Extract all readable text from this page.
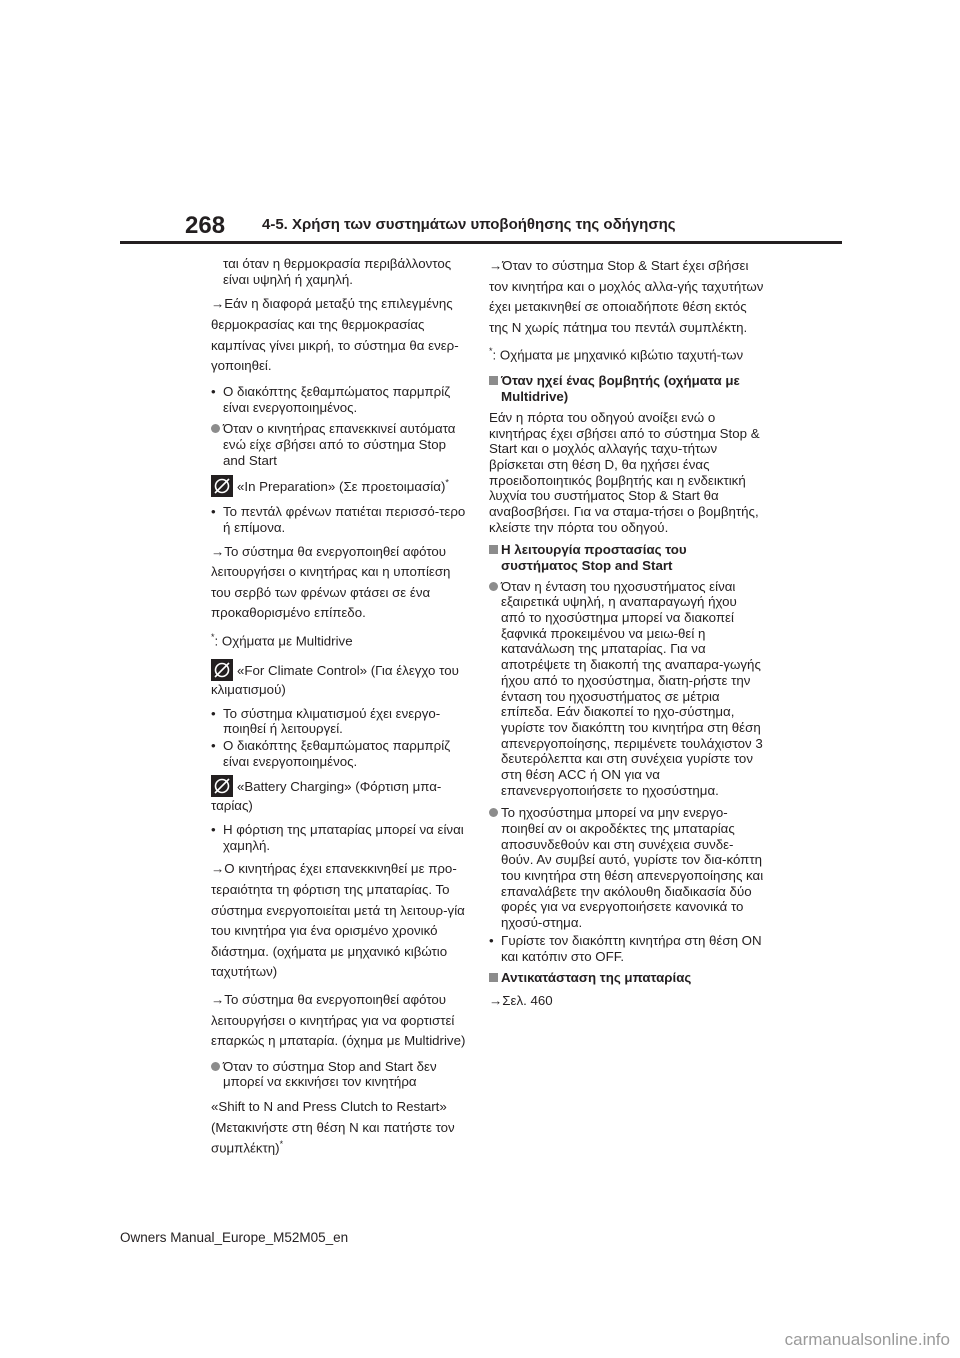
268 4-5. Χρήση των συστημάτων υποβοήθησης της οδήγησης

ται όταν η θερμοκρασία περιβάλλοντος είναι υψηλή ή χαμηλή.

→Εάν η διαφορά μεταξύ της επιλεγμένης θερμοκρασίας και της θερμοκρασίας καμπίνας γίνει μικρή, το σύστημα θα ενερ-γοποιηθεί.

• Ο διακόπτης ξεθαμπώματος παρμπρίζ είναι ενεργοποιημένος.
Όταν ο κινητήρας επανεκκινεί αυτόματα ενώ είχε σβήσει από το σύστημα Stop and Start
«In Preparation» (Σε προετοιμασία)*
• Το πεντάλ φρένων πατιέται περισσό-τερο ή επίμονα.

→Το σύστημα θα ενεργοποιηθεί αφότου λειτουργήσει ο κινητήρας και η υποπίεση του σερβό των φρένων φτάσει σε ένα προκαθορισμένο επίπεδο.

*: Οχήματα με Multidrive

«For Climate Control» (Για έλεγχο του κλιματισμού)
• Το σύστημα κλιματισμού έχει ενεργο-ποιηθεί ή λειτουργεί.
• Ο διακόπτης ξεθαμπώματος παρμπρίζ είναι ενεργοποιημένος.
«Battery Charging» (Φόρτιση μπα-ταρίας)
• Η φόρτιση της μπαταρίας μπορεί να είναι χαμηλή.

→Ο κινητήρας έχει επανεκκινηθεί με προ-τεραιότητα τη φόρτιση της μπαταρίας. Το σύστημα ενεργοποιείται μετά τη λειτουρ-γία του κινητήρα για ένα ορισμένο χρονικό διάστημα. (οχήματα με μηχανικό κιβώτιο ταχυτήτων)

→Το σύστημα θα ενεργοποιηθεί αφότου λειτουργήσει ο κινητήρας για να φορτιστεί επαρκώς η μπαταρία. (όχημα με Multidrive)

Όταν το σύστημα Stop and Start δεν μπορεί να εκκινήσει τον κινητήρα

«Shift to N and Press Clutch to Restart» (Μετακινήστε στη θέση N και πατήστε τον συμπλέκτη)*

→Όταν το σύστημα Stop & Start έχει σβήσει τον κινητήρα και ο μοχλός αλλα-γής ταχυτήτων έχει μετακινηθεί σε οποιαδήποτε θέση εκτός της N χωρίς πάτημα του πεντάλ συμπλέκτη.

*: Οχήματα με μηχανικό κιβώτιο ταχυτή-των

Όταν ηχεί ένας βομβητής (οχήματα με Multidrive)

Εάν η πόρτα του οδηγού ανοίξει ενώ ο κινητήρας έχει σβήσει από το σύστημα Stop & Start και ο μοχλός αλλαγής ταχυ-τήτων βρίσκεται στη θέση D, θα ηχήσει ένας προειδοποιητικός βομβητής και η ενδεικτική λυχνία του συστήματος Stop & Start θα αναβοσβήσει. Για να σταμα-τήσει ο βομβητής, κλείστε την πόρτα του οδηγού.

Η λειτουργία προστασίας του συστήματος Stop and Start
Όταν η ένταση του ηχοσυστήματος είναι εξαιρετικά υψηλή, η αναπαραγωγή ήχου από το ηχοσύστημα μπορεί να διακοπεί ξαφνικά προκειμένου να μειω-θεί η κατανάλωση της μπαταρίας. Για να αποτρέψετε τη διακοπή της αναπαρα-γωγής ήχου από το ηχοσύστημα, διατη-ρήστε την ένταση του ηχοσυστήματος σε μέτρια επίπεδα. Εάν διακοπεί το ηχο-σύστημα, γυρίστε τον διακόπτη του κινητήρα στη θέση απενεργοποίησης, περιμένετε τουλάχιστον 3 δευτερόλεπτα και στη συνέχεια γυρίστε τον στη θέση ACC ή ON για να επανενεργοποιήσετε το ηχοσύστημα.
Το ηχοσύστημα μπορεί να μην ενεργο-ποιηθεί αν οι ακροδέκτες της μπαταρίας αποσυνδεθούν και στη συνέχεια συνδε-θούν. Αν συμβεί αυτό, γυρίστε τον δια-κόπτη του κινητήρα στη θέση απενεργοποίησης και επαναλάβετε την ακόλουθη διαδικασία δύο φορές για να ενεργοποιήσετε κανονικά το ηχοσύ-στημα.
• Γυρίστε τον διακόπτη κινητήρα στη θέση ON και κατόπιν στο OFF.
Αντικατάσταση της μπαταρίας

→Σελ. 460

Owners Manual_Europe_M52M05_en
carmanualsonline.info
